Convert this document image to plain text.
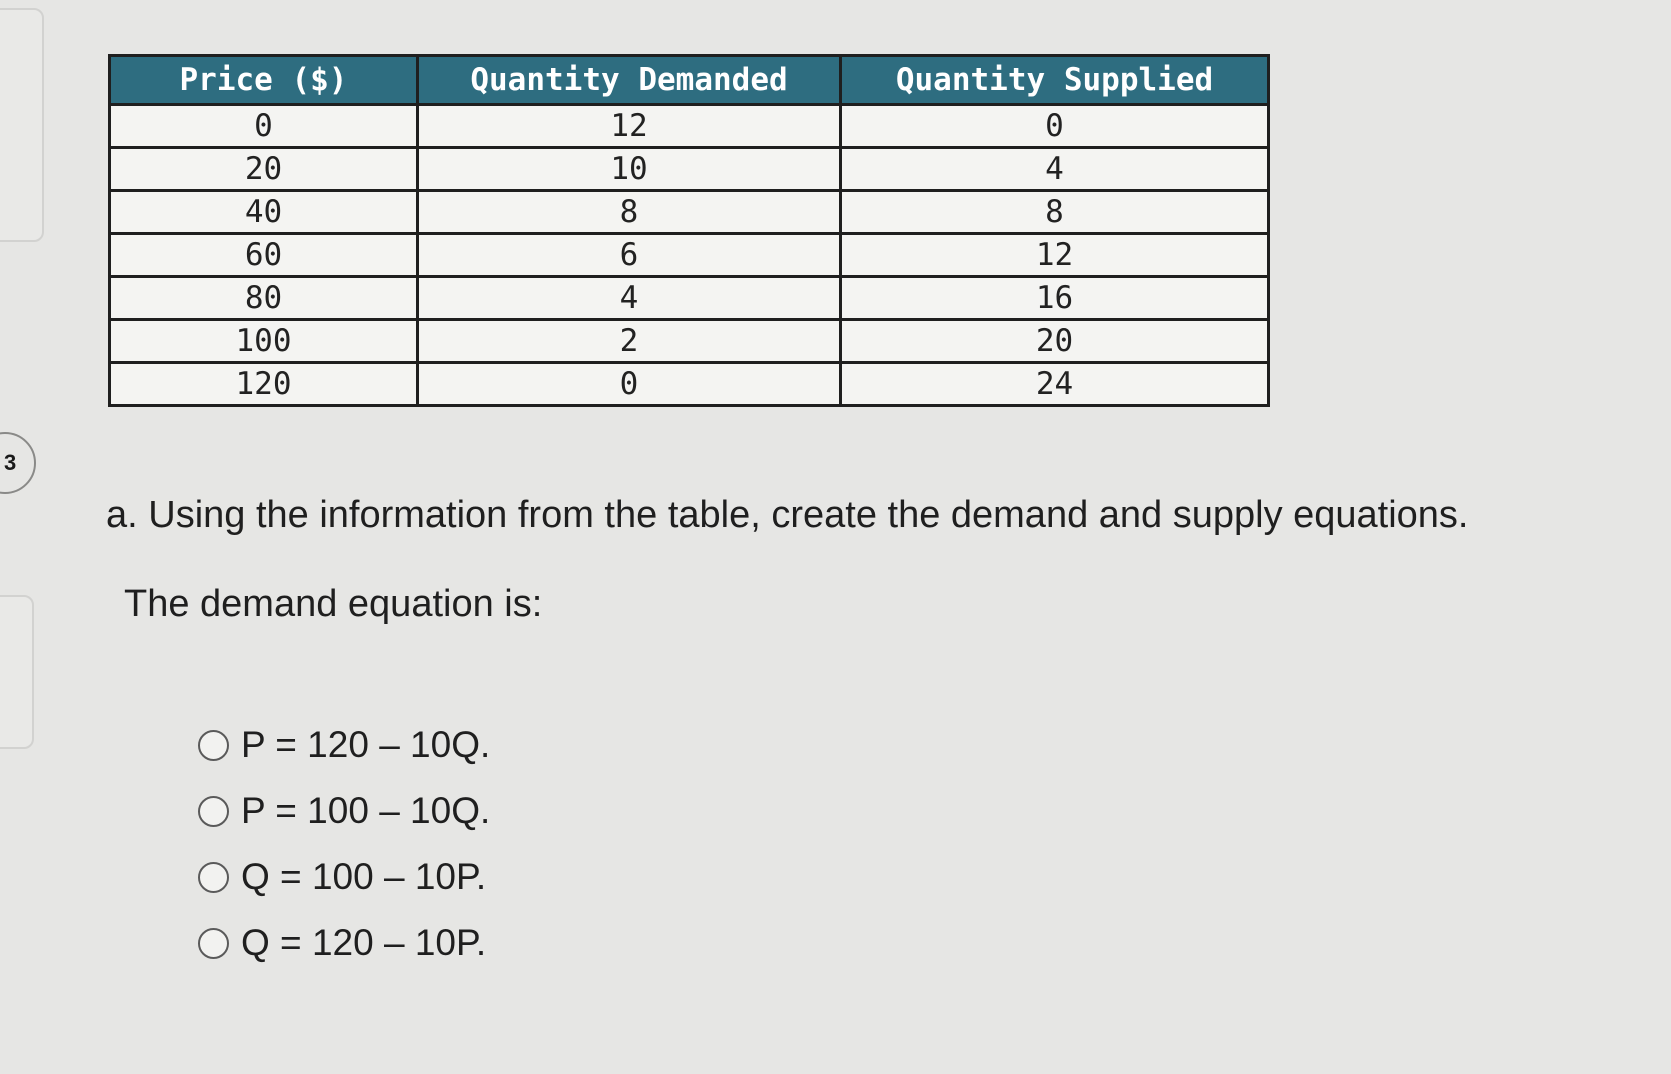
3
Price ($)	Quantity Demanded	Quantity Supplied
0	12	0
20	10	4
40	8	8
60	6	12
80	4	16
100	2	20
120	0	24
a. Using the information from the table, create the demand and supply equations.
The demand equation is:
P = 120 – 10Q.
P = 100 – 10Q.
Q = 100 – 10P.
Q = 120 – 10P.
